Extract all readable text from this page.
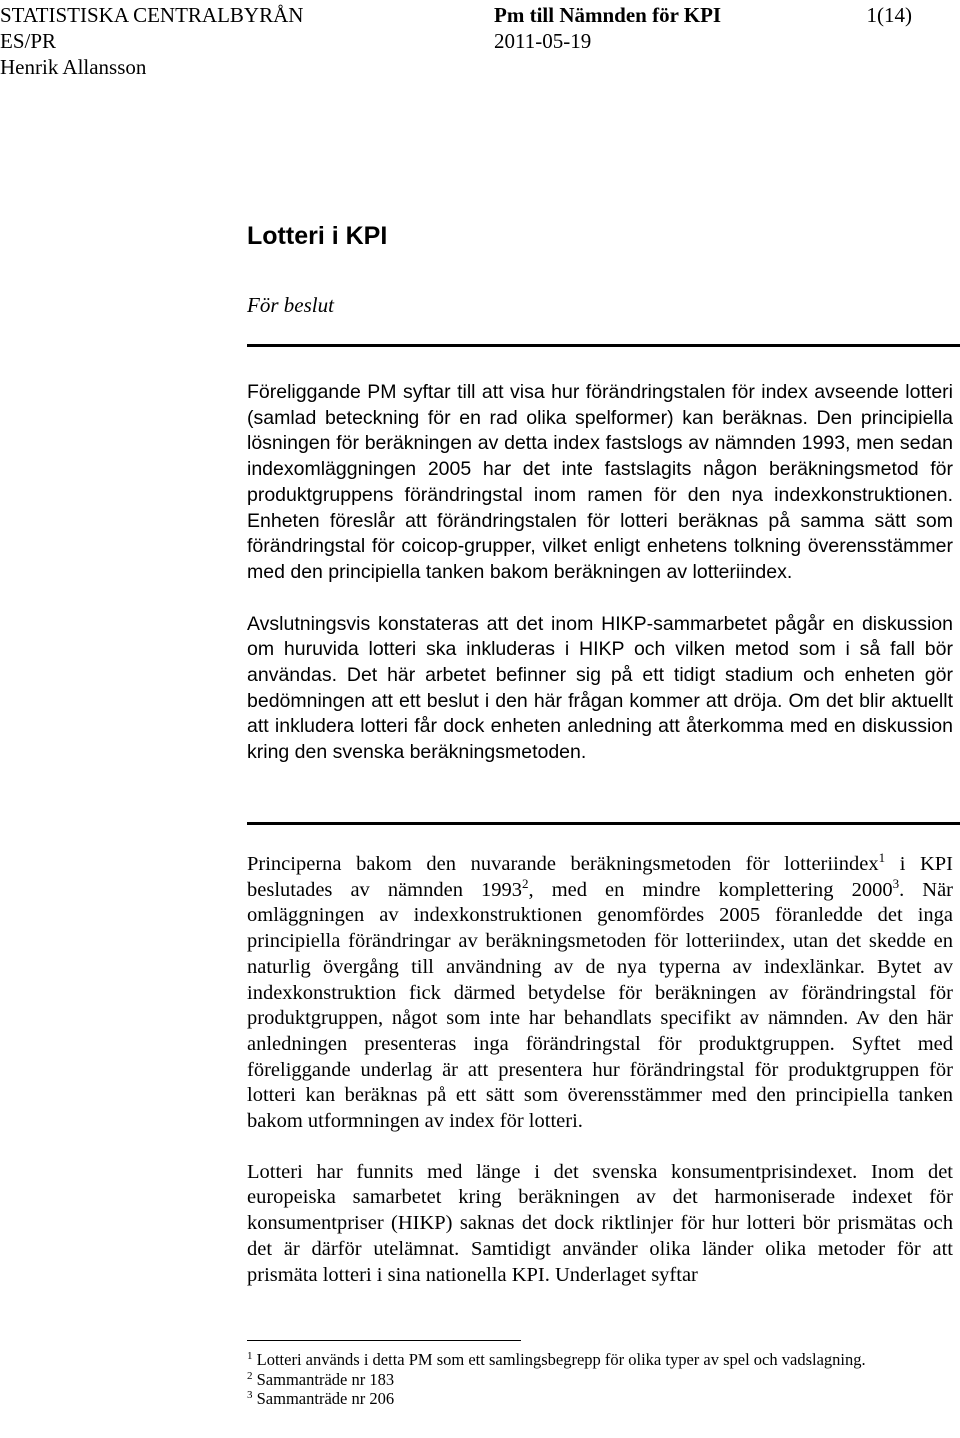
STATISTISKA CENTRALBYRÅN	Pm till Nämnden för KPI	1(14)
ES/PR	2011-05-19
Henrik Allansson
Lotteri i KPI
För beslut

Föreliggande PM syftar till att visa hur förändringstalen för index avseende lotteri (samlad beteckning för en rad olika spelformer) kan beräknas. Den principiella lösningen för beräkningen av detta index fastslogs av nämnden 1993, men sedan indexomläggningen 2005 har det inte fastslagits någon beräkningsmetod för produktgruppens förändringstal inom ramen för den nya indexkonstruktionen. Enheten föreslår att förändringstalen för lotteri beräknas på samma sätt som förändringstal för coicop-grupper, vilket enligt enhetens tolkning överensstämmer med den principiella tanken bakom beräkningen av lotteriindex.

Avslutningsvis konstateras att det inom HIKP-sammarbetet pågår en diskussion om huruvida lotteri ska inkluderas i HIKP och vilken metod som i så fall bör användas. Det här arbetet befinner sig på ett tidigt stadium och enheten gör bedömningen att ett beslut i den här frågan kommer att dröja. Om det blir aktuellt att inkludera lotteri får dock enheten anledning att återkomma med en diskussion kring den svenska beräkningsmetoden.

Principerna bakom den nuvarande beräkningsmetoden för lotteriindex$^1$ i KPI beslutades av nämnden 1993$^2$, med en mindre komplettering 2000$^3$. När omläggningen av indexkonstruktionen genomfördes 2005 föranledde det inga principiella förändringar av beräkningsmetoden för lotteriindex, utan det skedde en naturlig övergång till användning av de nya typerna av indexlänkar. Bytet av indexkonstruktion fick därmed betydelse för beräkningen av förändringstal för produktgruppen, något som inte har behandlats specifikt av nämnden. Av den här anledningen presenteras inga förändringstal för produktgruppen. Syftet med föreliggande underlag är att presentera hur förändringstal för produktgruppen för lotteri kan beräknas på ett sätt som överensstämmer med den principiella tanken bakom utformningen av index för lotteri.

Lotteri har funnits med länge i det svenska konsumentprisindexet. Inom det europeiska samarbetet kring beräkningen av det harmoniserade indexet för konsumentpriser (HIKP) saknas det dock riktlinjer för hur lotteri bör prismätas och det är därför utelämnat. Samtidigt använder olika länder olika metoder för att prismäta lotteri i sina nationella KPI. Underlaget syftar

$^1$ Lotteri används i detta PM som ett samlingsbegrepp för olika typer av spel och vadslagning.
$^2$ Sammanträde nr 183
$^3$ Sammanträde nr 206
